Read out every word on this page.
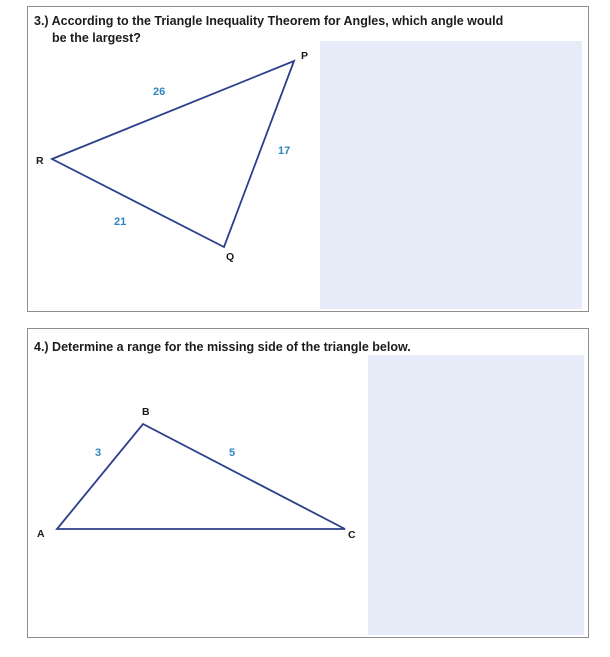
3.) According to the Triangle Inequality Theorem for Angles, which angle would
be the largest?
P
Q
R
26
17
21
4.) Determine a range for the missing side of the triangle below.
A
B
C
3	5
